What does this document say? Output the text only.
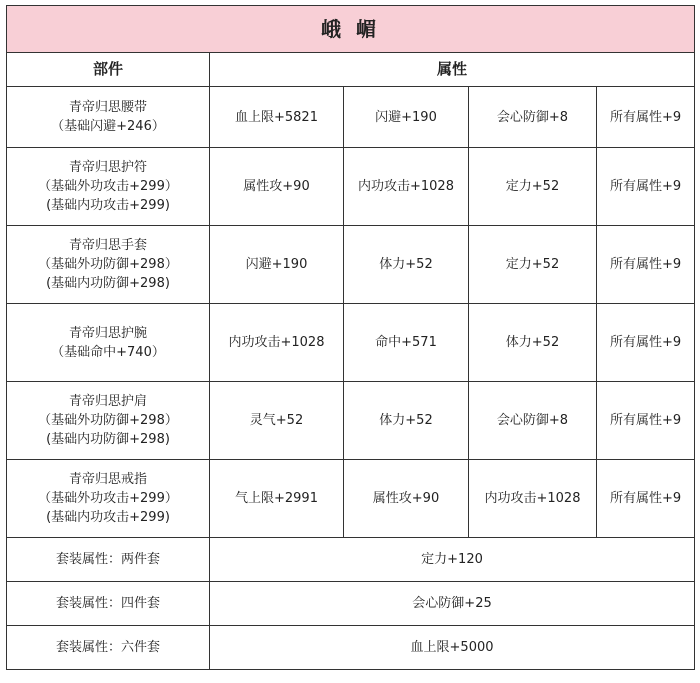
峨 嵋				
部件	属性			
青帝归思腰带
（基础闪避+246）	血上限+5821	闪避+190	会心防御+8	所有属性+9
青帝归思护符
（基础外功攻击+299）
(基础内功攻击+299)	属性攻+90	内功攻击+1028	定力+52	所有属性+9
青帝归思手套
（基础外功防御+298）
(基础内功防御+298)	闪避+190	体力+52	定力+52	所有属性+9
青帝归思护腕
（基础命中+740）	内功攻击+1028	命中+571	体力+52	所有属性+9
青帝归思护肩
（基础外功防御+298）
(基础内功防御+298)	灵气+52	体力+52	会心防御+8	所有属性+9
青帝归思戒指
（基础外功攻击+299）
(基础内功攻击+299)	气上限+2991	属性攻+90	内功攻击+1028	所有属性+9
套装属性：两件套	定力+120			
套装属性：四件套	会心防御+25			
套装属性：六件套	血上限+5000			
